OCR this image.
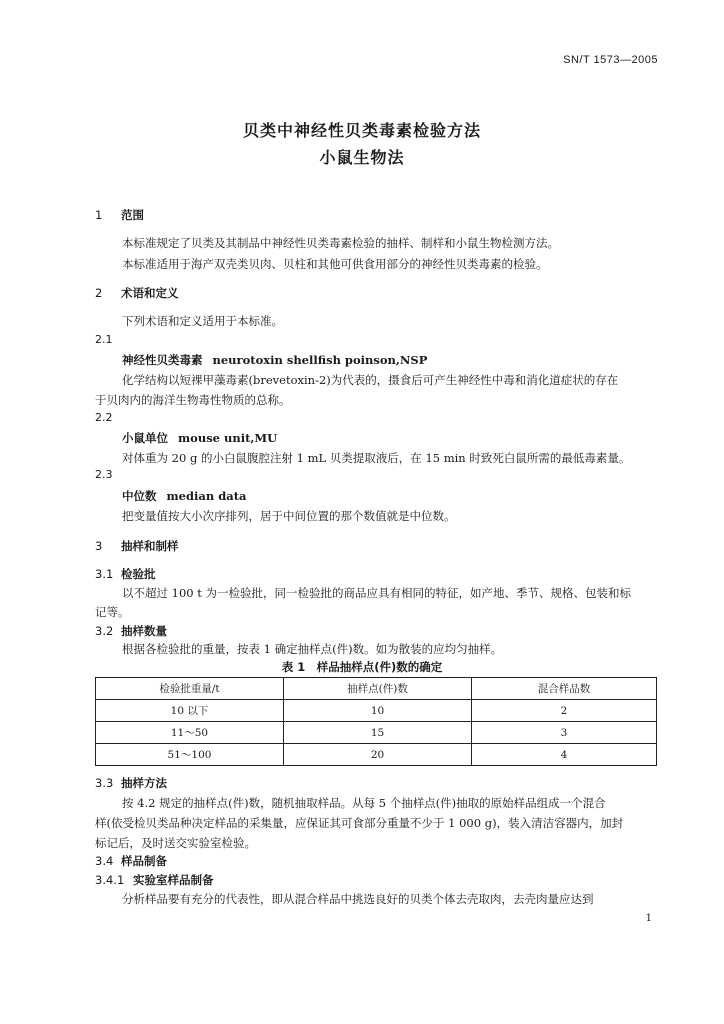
SN/T 1573—2005
贝类中神经性贝类毒素检验方法
小鼠生物法
1 范围
本标准规定了贝类及其制品中神经性贝类毒素检验的抽样、制样和小鼠生物检测方法。
本标准适用于海产双壳类贝肉、贝柱和其他可供食用部分的神经性贝类毒素的检验。
2 术语和定义
下列术语和定义适用于本标准。
2.1
神经性贝类毒素 neurotoxin shellfish poinson,NSP
化学结构以短裸甲藻毒素(brevetoxin-2)为代表的，摄食后可产生神经性中毒和消化道症状的存在
于贝肉内的海洋生物毒性物质的总称。
2.2
小鼠单位 mouse unit,MU
对体重为 20 g 的小白鼠腹腔注射 1 mL 贝类提取液后，在 15 min 时致死白鼠所需的最低毒素量。
2.3
中位数 median data
把变量值按大小次序排列，居于中间位置的那个数值就是中位数。
3 抽样和制样
3.1 检验批
以不超过 100 t 为一检验批，同一检验批的商品应具有相同的特征，如产地、季节、规格、包装和标
记等。
3.2 抽样数量
根据各检验批的重量，按表 1 确定抽样点(件)数。如为散装的应均匀抽样。
表 1　样品抽样点(件)数的确定
检验批重量/t	抽样点(件)数	混合样品数
10 以下	10	2
11～50	15	3
51～100	20	4
3.3 抽样方法
按 4.2 规定的抽样点(件)数，随机抽取样品。从每 5 个抽样点(件)抽取的原始样品组成一个混合
样(依受检贝类品种决定样品的采集量，应保证其可食部分重量不少于 1 000 g)，装入清洁容器内，加封
标记后，及时送交实验室检验。
3.4 样品制备
3.4.1 实验室样品制备
分析样品要有充分的代表性，即从混合样品中挑选良好的贝类个体去壳取肉，去壳肉量应达到
1
